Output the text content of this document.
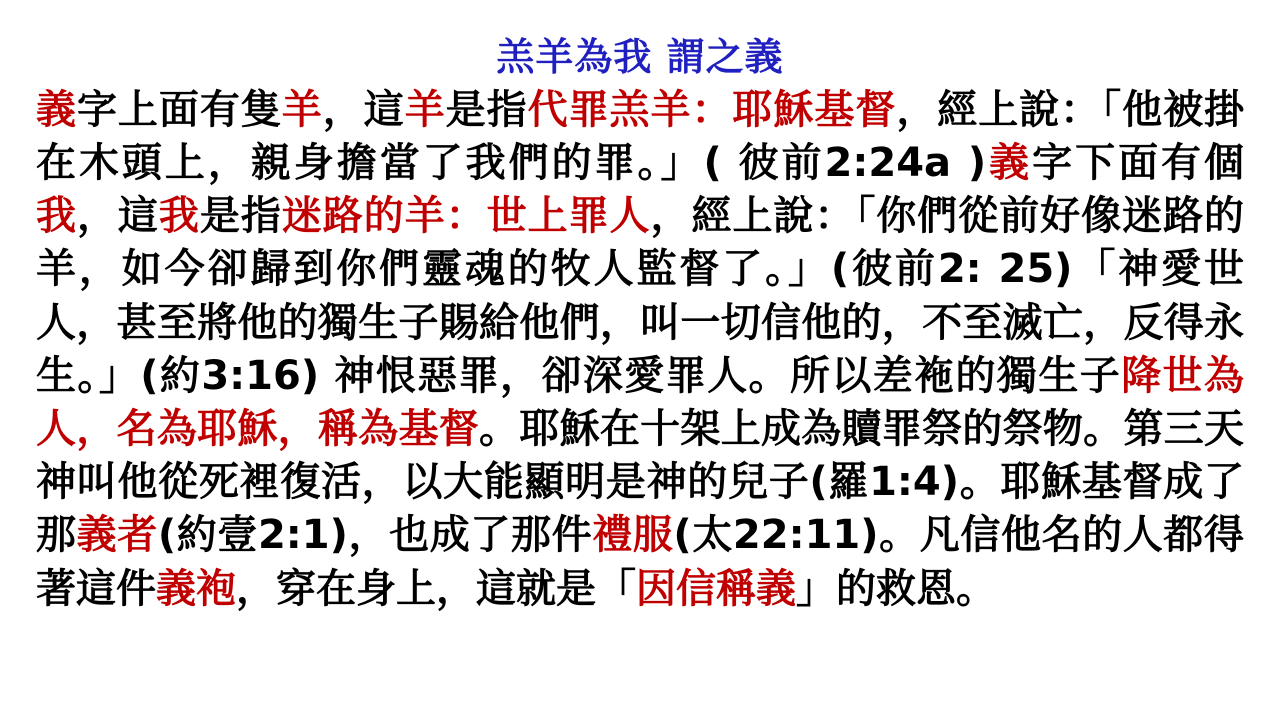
羔羊為我 謂之義
義字上面有隻羊，這羊是指代罪羔羊：耶穌基督，經上說：「他被掛在木頭上，親身擔當了我們的罪。」( 彼前2:24a )義字下面有個我，這我是指迷路的羊：世上罪人，經上說：「你們從前好像迷路的羊，如今卻歸到你們靈魂的牧人監督了。」(彼前2: 25)「神愛世人，甚至將他的獨生子賜給他們，叫一切信他的，不至滅亡，反得永生。」(約3:16) 神恨惡罪，卻深愛罪人。所以差袘的獨生子降世為人，名為耶穌，稱為基督。耶穌在十架上成為贖罪祭的祭物。第三天神叫他從死裡復活，以大能顯明是神的兒子(羅1:4)。耶穌基督成了那義者(約壹2:1)，也成了那件禮服(太22:11)。凡信他名的人都得著這件義袍，穿在身上，這就是「因信稱義」的救恩。
